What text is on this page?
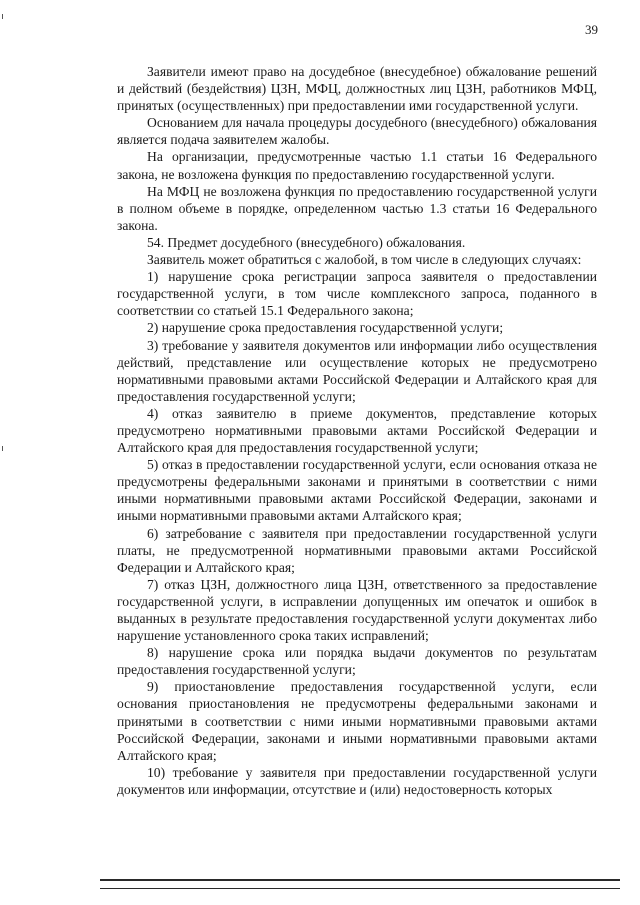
39

Заявители имеют право на досудебное (внесудебное) обжалование решений и действий (бездействия) ЦЗН, МФЦ, должностных лиц ЦЗН, работников МФЦ, принятых (осуществленных) при предоставлении ими государственной услуги.

Основанием для начала процедуры досудебного (внесудебного) обжалования является подача заявителем жалобы.

На организации, предусмотренные частью 1.1 статьи 16 Федерального закона, не возложена функция по предоставлению государственной услуги.

На МФЦ не возложена функция по предоставлению государственной услуги в полном объеме в порядке, определенном частью 1.3 статьи 16 Федерального закона.

54. Предмет досудебного (внесудебного) обжалования.

Заявитель может обратиться с жалобой, в том числе в следующих случаях:

1) нарушение срока регистрации запроса заявителя о предоставлении государственной услуги, в том числе комплексного запроса, поданного в соответствии со статьей 15.1 Федерального закона;

2) нарушение срока предоставления государственной услуги;

3) требование у заявителя документов или информации либо осуществления действий, представление или осуществление которых не предусмотрено нормативными правовыми актами Российской Федерации и Алтайского края для предоставления государственной услуги;

4) отказ заявителю в приеме документов, представление которых предусмотрено нормативными правовыми актами Российской Федерации и Алтайского края для предоставления государственной услуги;

5) отказ в предоставлении государственной услуги, если основания отказа не предусмотрены федеральными законами и принятыми в соответствии с ними иными нормативными правовыми актами Российской Федерации, законами и иными нормативными правовыми актами Алтайского края;

6) затребование с заявителя при предоставлении государственной услуги платы, не предусмотренной нормативными правовыми актами Российской Федерации и Алтайского края;

7) отказ ЦЗН, должностного лица ЦЗН, ответственного за предоставление государственной услуги, в исправлении допущенных им опечаток и ошибок в выданных в результате предоставления государственной услуги документах либо нарушение установленного срока таких исправлений;

8) нарушение срока или порядка выдачи документов по результатам предоставления государственной услуги;

9) приостановление предоставления государственной услуги, если основания приостановления не предусмотрены федеральными законами и принятыми в соответствии с ними иными нормативными правовыми актами Российской Федерации, законами и иными нормативными правовыми актами Алтайского края;

10) требование у заявителя при предоставлении государственной услуги документов или информации, отсутствие и (или) недостоверность которых
